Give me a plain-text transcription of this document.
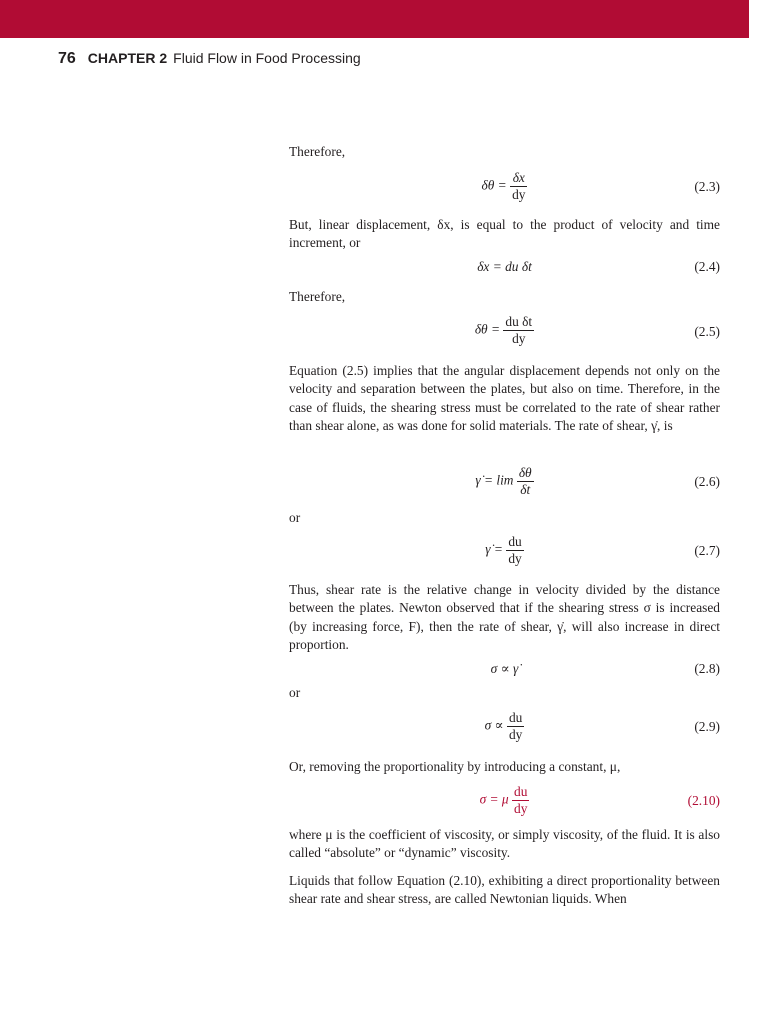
76 CHAPTER 2 Fluid Flow in Food Processing

Therefore,

$\delta\theta = \frac{\delta x}{dy}$	(2.3)

But, linear displacement, δx, is equal to the product of velocity and time increment, or

δx = du δt	(2.4)

Therefore,

$\delta\theta = \frac{\text{du δt}}{dy}$	(2.5)

Equation (2.5) implies that the angular displacement depends not only on the velocity and separation between the plates, but also on time. Therefore, in the case of fluids, the shearing stress must be correlated to the rate of shear rather than shear alone, as was done for solid materials. The rate of shear, γ̇, is

γ̇ = $\lim \frac{\delta\theta}{\delta t}$	(2.6)

or

γ̇ = $\frac{du}{dy}$	(2.7)

Thus, shear rate is the relative change in velocity divided by the distance between the plates. Newton observed that if the shearing stress σ is increased (by increasing force, F), then the rate of shear, γ̇, will also increase in direct proportion.

σ ∝ γ̇	(2.8)

or

$\sigma \propto \frac{du}{dy}$	(2.9)

Or, removing the proportionality by introducing a constant, μ,

σ = μ $\frac{du}{dy}$	(2.10)

where μ is the coefficient of viscosity, or simply viscosity, of the fluid. It is also called “absolute” or “dynamic” viscosity.

Liquids that follow Equation (2.10), exhibiting a direct proportionality between shear rate and shear stress, are called Newtonian liquids. When
